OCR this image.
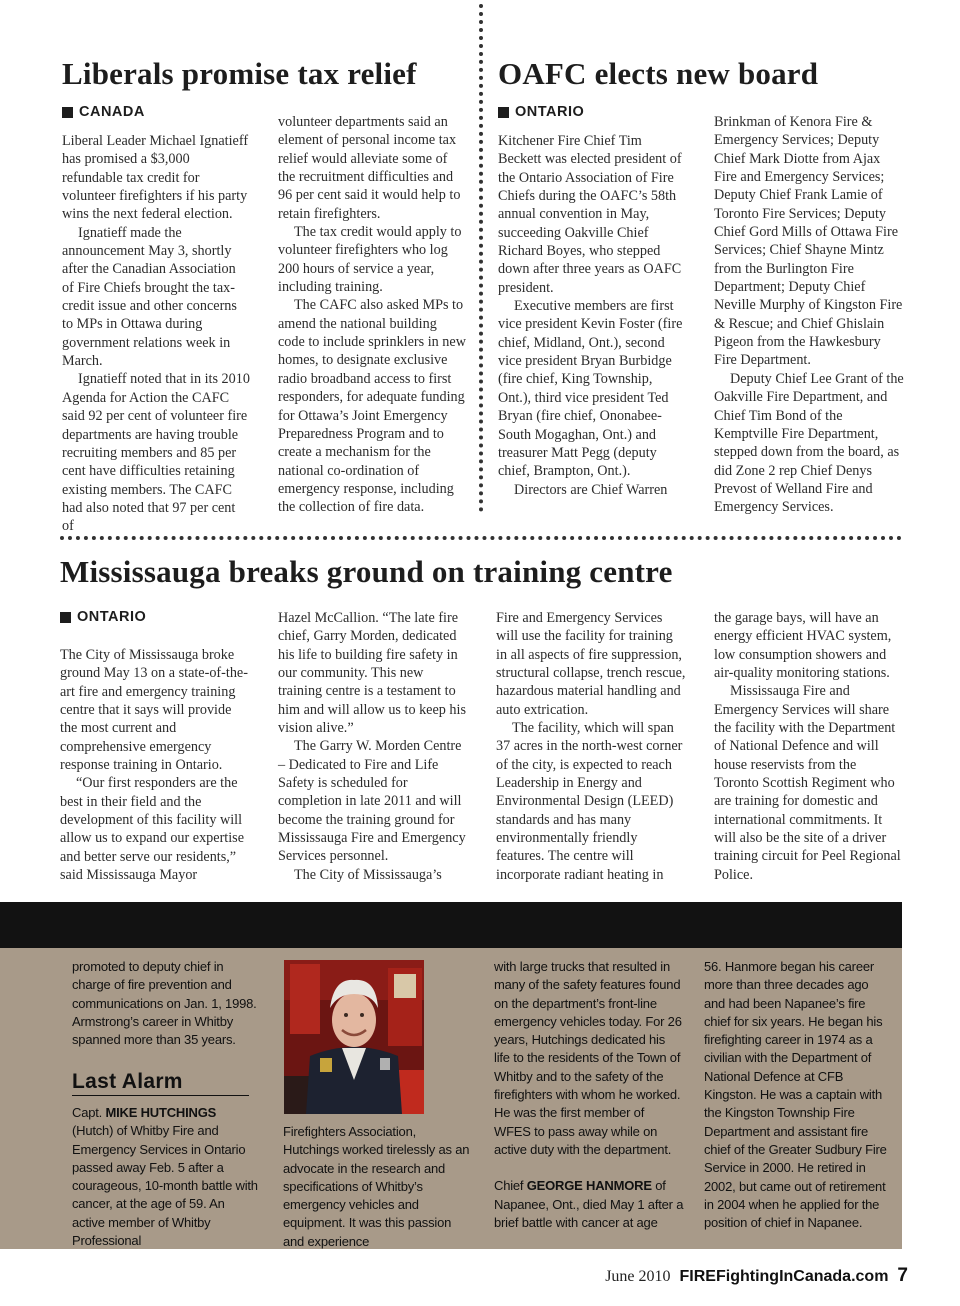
Liberals promise tax relief
CANADA

Liberal Leader Michael Ignatieff has promised a $3,000 refundable tax credit for volunteer firefighters if his party wins the next federal election.

Ignatieff made the announcement May 3, shortly after the Canadian Association of Fire Chiefs brought the tax-credit issue and other concerns to MPs in Ottawa during government relations week in March.

Ignatieff noted that in its 2010 Agenda for Action the CAFC said 92 per cent of volunteer fire departments are having trouble recruiting members and 85 per cent have difficulties retaining existing members. The CAFC had also noted that 97 per cent of

volunteer departments said an element of personal income tax relief would alleviate some of the recruitment difficulties and 96 per cent said it would help to retain firefighters.

The tax credit would apply to volunteer firefighters who log 200 hours of service a year, including training.

The CAFC also asked MPs to amend the national building code to include sprinklers in new homes, to designate exclusive radio broadband access to first responders, for adequate funding for Ottawa’s Joint Emergency Preparedness Program and to create a mechanism for the national co-ordination of emergency response, including the collection of fire data.

OAFC elects new board
ONTARIO

Kitchener Fire Chief Tim Beckett was elected president of the Ontario Association of Fire Chiefs during the OAFC’s 58th annual convention in May, succeeding Oakville Chief Richard Boyes, who stepped down after three years as OAFC president.

Executive members are first vice president Kevin Foster (fire chief, Midland, Ont.), second vice president Bryan Burbidge (fire chief, King Township, Ont.), third vice president Ted Bryan (fire chief, Ononabee-South Mogaghan, Ont.) and treasurer Matt Pegg (deputy chief, Brampton, Ont.).

Directors are Chief Warren

Brinkman of Kenora Fire & Emergency Services; Deputy Chief Mark Diotte from Ajax Fire and Emergency Services; Deputy Chief Frank Lamie of Toronto Fire Services; Deputy Chief Gord Mills of Ottawa Fire Services; Chief Shayne Mintz from the Burlington Fire Department; Deputy Chief Neville Murphy of Kingston Fire & Rescue; and Chief Ghislain Pigeon from the Hawkesbury Fire Department.

Deputy Chief Lee Grant of the Oakville Fire Department, and Chief Tim Bond of the Kemptville Fire Department, stepped down from the board, as did Zone 2 rep Chief Denys Prevost of Welland Fire and Emergency Services.

Mississauga breaks ground on training centre
ONTARIO

The City of Mississauga broke ground May 13 on a state-of-the-art fire and emergency training centre that it says will provide the most current and comprehensive emergency response training in Ontario.

“Our first responders are the best in their field and the development of this facility will allow us to expand our expertise and better serve our residents,” said Mississauga Mayor

Hazel McCallion. “The late fire chief, Garry Morden, dedicated his life to building fire safety in our community. This new training centre is a testament to him and will allow us to keep his vision alive.”

The Garry W. Morden Centre – Dedicated to Fire and Life Safety is scheduled for completion in late 2011 and will become the training ground for Mississauga Fire and Emergency Services personnel.

The City of Mississauga’s

Fire and Emergency Services will use the facility for training in all aspects of fire suppression, structural collapse, trench rescue, hazardous material handling and auto extrication.

The facility, which will span 37 acres in the north-west corner of the city, is expected to reach Leadership in Energy and Environmental Design (LEED) standards and has many environmentally friendly features. The centre will incorporate radiant heating in

the garage bays, will have an energy efficient HVAC system, low consumption showers and air-quality monitoring stations.

Mississauga Fire and Emergency Services will share the facility with the Department of National Defence and will house reservists from the Toronto Scottish Regiment who are training for domestic and international commitments. It will also be the site of a driver training circuit for Peel Regional Police.

promoted to deputy chief in charge of fire prevention and communications on Jan. 1, 1998. Armstrong’s career in Whitby spanned more than 35 years.

Last Alarm

Capt. MIKE HUTCHINGS (Hutch) of Whitby Fire and Emergency Services in Ontario passed away Feb. 5 after a courageous, 10-month battle with cancer, at the age of 59. An active member of Whitby Professional

Firefighters Association, Hutchings worked tirelessly as an advocate in the research and specifications of Whitby’s emergency vehicles and equipment. It was this passion and experience

with large trucks that resulted in many of the safety features found on the department’s front-line emergency vehicles today. For 26 years, Hutchings dedicated his life to the residents of the Town of Whitby and to the safety of the firefighters with whom he worked. He was the first member of WFES to pass away while on active duty with the department.

Chief GEORGE HANMORE of Napanee, Ont., died May 1 after a brief battle with cancer at age

56. Hanmore began his career more than three decades ago and had been Napanee’s fire chief for six years. He began his firefighting career in 1974 as a civilian with the Department of National Defence at CFB Kingston. He was a captain with the Kingston Township Fire Department and assistant fire chief of the Greater Sudbury Fire Service in 2000. He retired in 2002, but came out of retirement in 2004 when he applied for the position of chief in Napanee.

June 2010 FIREFightingInCanada.com 7
